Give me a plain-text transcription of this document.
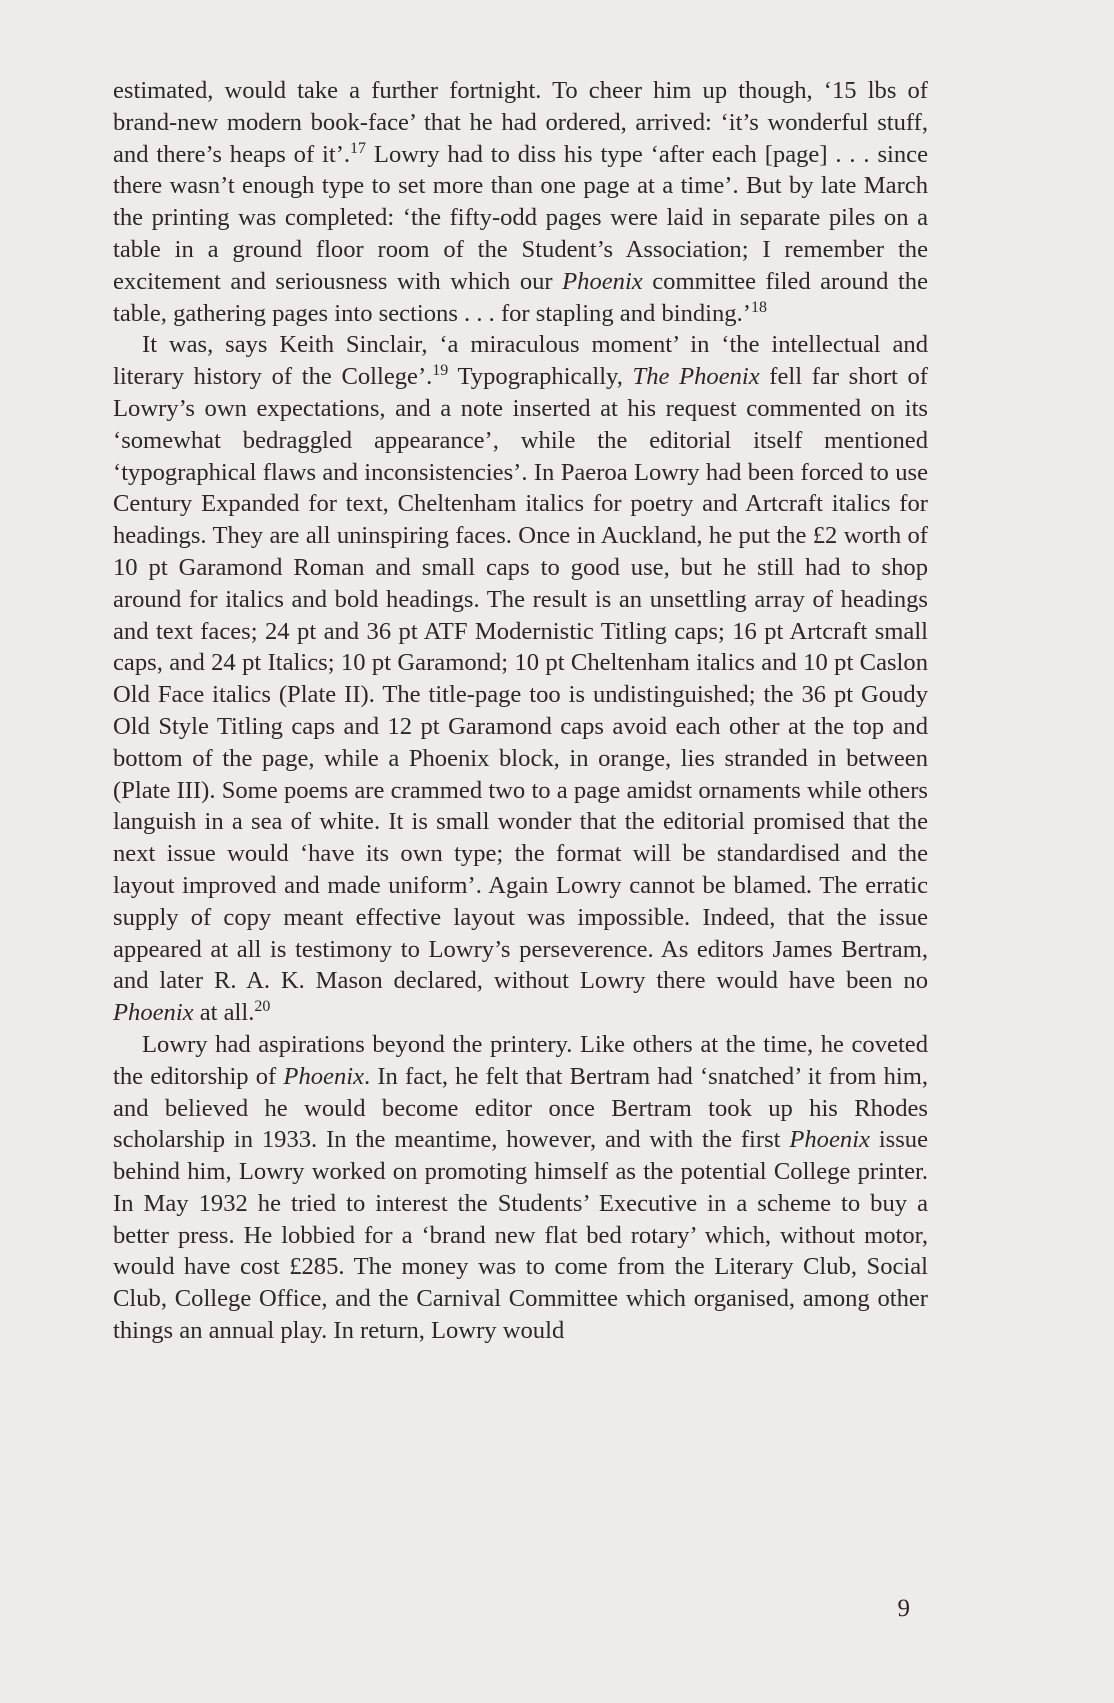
estimated, would take a further fortnight. To cheer him up though, ‘15 lbs of brand-new modern book-face’ that he had ordered, arrived: ‘it’s wonderful stuff, and there’s heaps of it’.$^{17}$ Lowry had to diss his type ‘after each [page] . . . since there wasn’t enough type to set more than one page at a time’. But by late March the printing was completed: ‘the fifty-odd pages were laid in separate piles on a table in a ground floor room of the Student’s Association; I remember the excitement and seriousness with which our Phoenix committee filed around the table, gathering pages into sections . . . for stapling and binding.’$^{18}$

It was, says Keith Sinclair, ‘a miraculous moment’ in ‘the intellectual and literary history of the College’.$^{19}$ Typographically, The Phoenix fell far short of Lowry’s own expectations, and a note inserted at his request commented on its ‘somewhat bedraggled appearance’, while the editorial itself mentioned ‘typographical flaws and inconsistencies’. In Paeroa Lowry had been forced to use Century Expanded for text, Cheltenham italics for poetry and Artcraft italics for headings. They are all uninspiring faces. Once in Auckland, he put the £2 worth of 10 pt Garamond Roman and small caps to good use, but he still had to shop around for italics and bold headings. The result is an unsettling array of headings and text faces; 24 pt and 36 pt ATF Modernistic Titling caps; 16 pt Artcraft small caps, and 24 pt Italics; 10 pt Garamond; 10 pt Cheltenham italics and 10 pt Caslon Old Face italics (Plate II). The title-page too is undistinguished; the 36 pt Goudy Old Style Titling caps and 12 pt Garamond caps avoid each other at the top and bottom of the page, while a Phoenix block, in orange, lies stranded in between (Plate III). Some poems are crammed two to a page amidst ornaments while others languish in a sea of white. It is small wonder that the editorial promised that the next issue would ‘have its own type; the format will be standardised and the layout improved and made uniform’. Again Lowry cannot be blamed. The erratic supply of copy meant effective layout was impossible. Indeed, that the issue appeared at all is testimony to Lowry’s perseverence. As editors James Bertram, and later R. A. K. Mason declared, without Lowry there would have been no Phoenix at all.$^{20}$

Lowry had aspirations beyond the printery. Like others at the time, he coveted the editorship of Phoenix. In fact, he felt that Bertram had ‘snatched’ it from him, and believed he would become editor once Bertram took up his Rhodes scholarship in 1933. In the meantime, however, and with the first Phoenix issue behind him, Lowry worked on promoting himself as the potential College printer. In May 1932 he tried to interest the Students’ Executive in a scheme to buy a better press. He lobbied for a ‘brand new flat bed rotary’ which, without motor, would have cost £285. The money was to come from the Literary Club, Social Club, College Office, and the Carnival Committee which organised, among other things an annual play. In return, Lowry would

9
